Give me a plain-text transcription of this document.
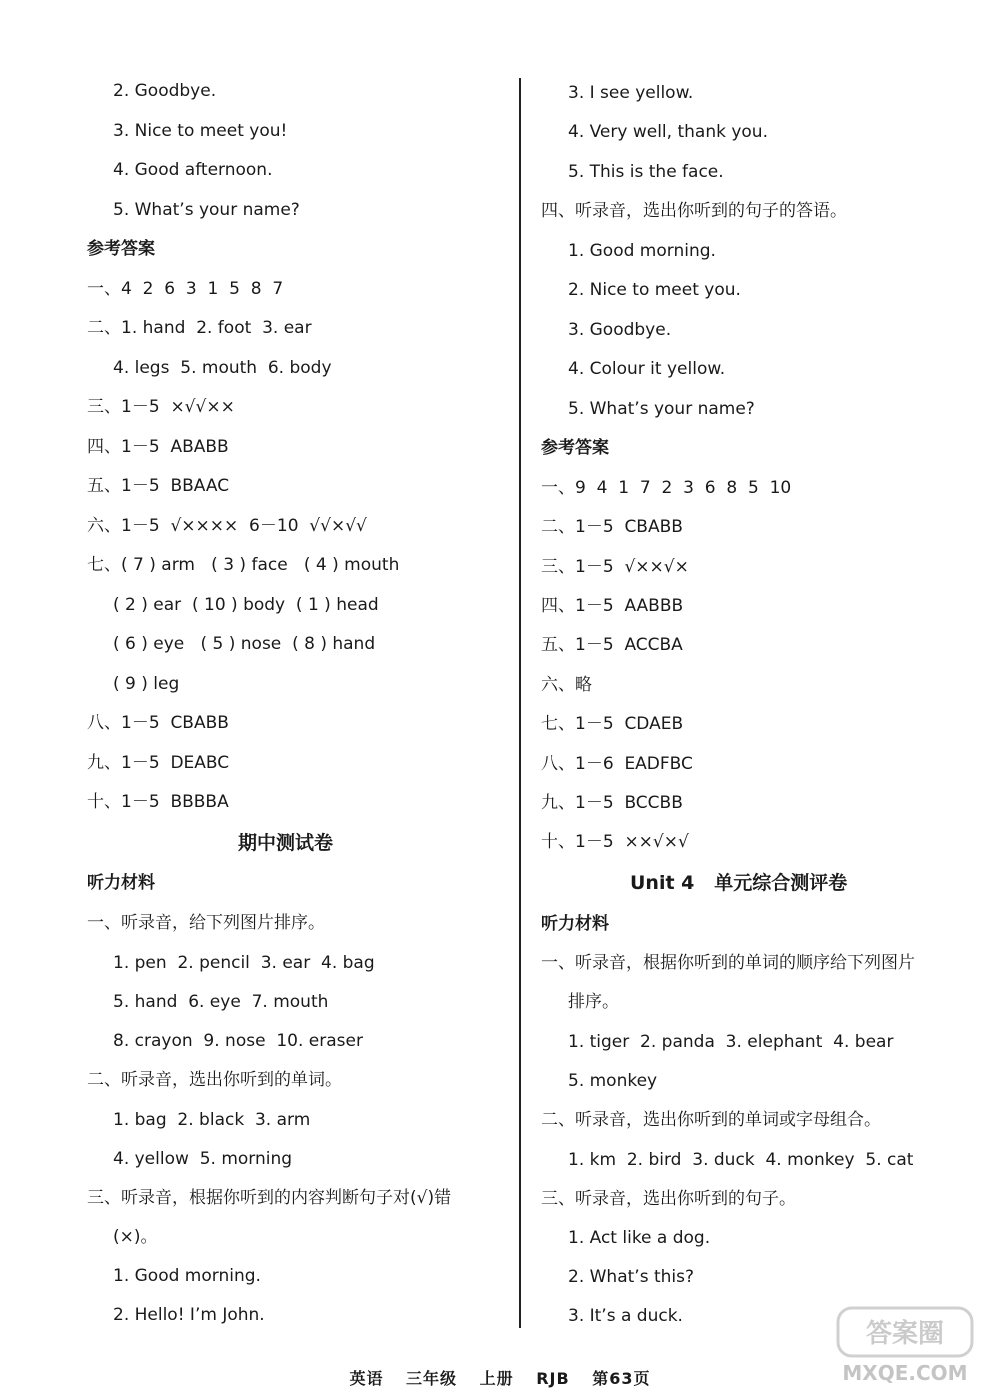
2. Goodbye.
3. Nice to meet you!
4. Good afternoon.
5. What’s your name?
参考答案
一、4  2  6  3  1  5  8  7
二、1. hand  2. foot  3. ear
4. legs  5. mouth  6. body
三、1－5  ×√√××
四、1－5  ABABB
五、1－5  BBAAC
六、1－5  √××××  6－10  √√×√√
七、( 7 ) arm   ( 3 ) face   ( 4 ) mouth
( 2 ) ear  ( 10 ) body  ( 1 ) head
( 6 ) eye   ( 5 ) nose  ( 8 ) hand
( 9 ) leg
八、1－5  CBABB
九、1－5  DEABC
十、1－5  BBBBA
期中测试卷
听力材料
一、听录音，给下列图片排序。
1. pen  2. pencil  3. ear  4. bag
5. hand  6. eye  7. mouth
8. crayon  9. nose  10. eraser
二、听录音，选出你听到的单词。
1. bag  2. black  3. arm
4. yellow  5. morning
三、听录音，根据你听到的内容判断句子对(√)错
(×)。
1. Good morning.
2. Hello! I’m John.
3. I see yellow.
4. Very well, thank you.
5. This is the face.
四、听录音，选出你听到的句子的答语。
1. Good morning.
2. Nice to meet you.
3. Goodbye.
4. Colour it yellow.
5. What’s your name?
参考答案
一、9  4  1  7  2  3  6  8  5  10
二、1－5  CBABB
三、1－5  √××√×
四、1－5  AABBB
五、1－5  ACCBA
六、略
七、1－5  CDAEB
八、1－6  EADFBC
九、1－5  BCCBB
十、1－5  ××√×√
Unit 4   单元综合测评卷
听力材料
一、听录音，根据你听到的单词的顺序给下列图片
排序。
1. tiger  2. panda  3. elephant  4. bear
5. monkey
二、听录音，选出你听到的单词或字母组合。
1. km  2. bird  3. duck  4. monkey  5. cat
三、听录音，选出你听到的句子。
1. Act like a dog.
2. What’s this?
3. It’s a duck.
英语 三年级 上册 RJB 第63页
答案圈
MXQE.COM
